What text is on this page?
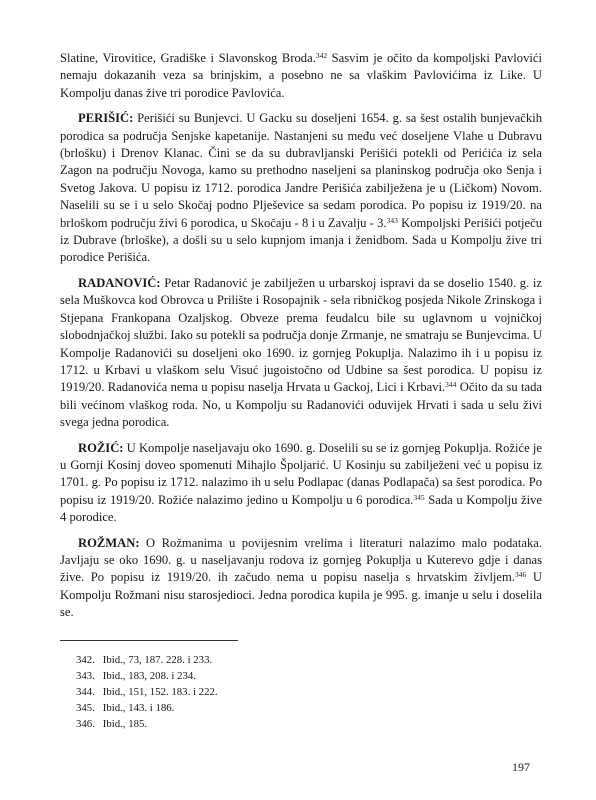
Slatine, Virovitice, Gradiške i Slavonskog Broda.$^{342}$ Sasvim je očito da kompoljski Pavlovići nemaju dokazanih veza sa brinjskim, a posebno ne sa vlaškim Pavlovićima iz Like. U Kompolju danas žive tri porodice Pavlovića.

PERIŠIĆ: Perišići su Bunjevci. U Gacku su doseljeni 1654. g. sa šest ostalih bunjevačkih porodica sa područja Senjske kapetanije. Nastanjeni su među već doseljene Vlahe u Dubravu (brlošku) i Drenov Klanac. Čini se da su dubravljanski Perišići potekli od Perićića iz sela Zagon na području Novoga, kamo su prethodno naseljeni sa planinskog područja oko Senja i Svetog Jakova. U popisu iz 1712. porodica Jandre Perišića zabilježena je u (Ličkom) Novom. Naselili su se i u selo Skočaj podno Plješevice sa sedam porodica. Po popisu iz 1919/20. na brloškom području živi 6 porodica, u Skočaju - 8 i u Zavalju - 3.$^{343}$ Kompoljski Perišići potječu iz Dubrave (brloške), a došli su u selo kupnjom imanja i ženidbom. Sada u Kompolju žive tri porodice Perišića.

RADANOVIĆ: Petar Radanović je zabilježen u urbarskoj ispravi da se doselio 1540. g. iz sela Muškovca kod Obrovca u Prilište i Rosopajnik - sela ribničkog posjeda Nikole Zrinskoga i Stjepana Frankopana Ozaljskog. Obveze prema feudalcu bile su uglavnom u vojničkoj slobodnjačkoj službi. Iako su potekli sa područja donje Zrmanje, ne smatraju se Bunjevcima. U Kompolje Radanovići su doseljeni oko 1690. iz gornjeg Pokuplja. Nalazimo ih i u popisu iz 1712. u Krbavi u vlaškom selu Visuć jugoistočno od Udbine sa šest porodica. U popisu iz 1919/20. Radanovića nema u popisu naselja Hrvata u Gackoj, Lici i Krbavi.$^{344}$ Očito da su tada bili većinom vlaškog roda. No, u Kompolju su Radanovići oduvijek Hrvati i sada u selu živi svega jedna porodica.

ROŽIĆ: U Kompolje naseljavaju oko 1690. g. Doselili su se iz gornjeg Pokuplja. Rožiće je u Gornji Kosinj doveo spomenuti Mihajlo Špoljarić. U Kosinju su zabilježeni već u popisu iz 1701. g. Po popisu iz 1712. nalazimo ih u selu Podlapac (danas Podlapača) sa šest porodica. Po popisu iz 1919/20. Rožiće nalazimo jedino u Kompolju u 6 porodica.$^{345}$ Sada u Kompolju žive 4 porodice.

ROŽMAN: O Rožmanima u povijesnim vrelima i literaturi nalazimo malo podataka. Javljaju se oko 1690. g. u naseljavanju rodova iz gornjeg Pokuplja u Kuterevo gdje i danas žive. Po popisu iz 1919/20. ih začudo nema u popisu naselja s hrvatskim življem.$^{346}$ U Kompolju Rožmani nisu starosjedioci. Jedna porodica kupila je 995. g. imanje u selu i doselila se.

342. Ibid., 73, 187. 228. i 233.
343. Ibid., 183, 208. i 234.
344. Ibid., 151, 152. 183. i 222.
345. Ibid., 143. i 186.
346. Ibid., 185.
197
